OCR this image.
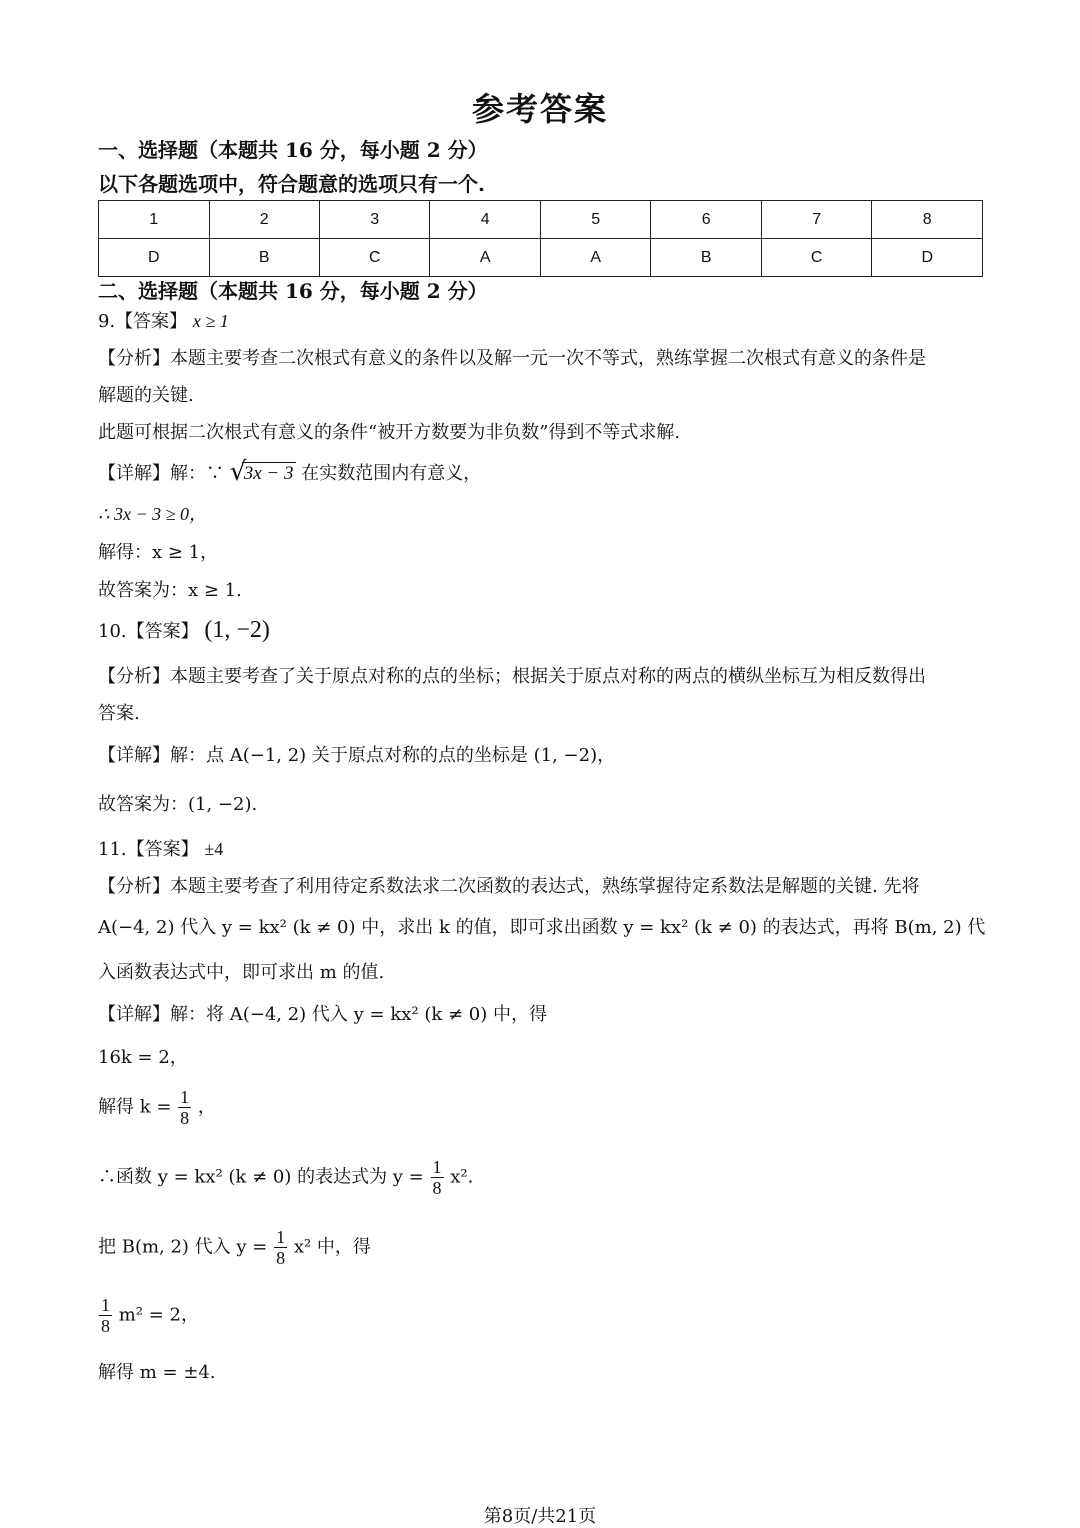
参考答案
一、选择题（本题共 16 分，每小题 2 分）
以下各题选项中，符合题意的选项只有一个.
1	2	3	4	5	6	7	8
D	B	C	A	A	B	C	D
二、选择题（本题共 16 分，每小题 2 分）
9.【答案】 x ≥ 1
【分析】本题主要考查二次根式有意义的条件以及解一元一次不等式，熟练掌握二次根式有意义的条件是
解题的关键.
此题可根据二次根式有意义的条件“被开方数要为非负数”得到不等式求解.
【详解】解：∵ √
3x − 3 在实数范围内有意义，
∴ 3x − 3 ≥ 0，
解得：x ≥ 1，
故答案为：x ≥ 1.
10.【答案】 (1, −2)
【分析】本题主要考查了关于原点对称的点的坐标；根据关于原点对称的两点的横纵坐标互为相反数得出
答案.
【详解】解：点 A(−1, 2) 关于原点对称的点的坐标是 (1, −2)，
故答案为：(1, −2).
11.【答案】 ±4
【分析】本题主要考查了利用待定系数法求二次函数的表达式，熟练掌握待定系数法是解题的关键. 先将
A(−4, 2) 代入 y = kx² (k ≠ 0) 中，求出 k 的值，即可求出函数 y = kx² (k ≠ 0) 的表达式，再将 B(m, 2) 代
入函数表达式中，即可求出 m 的值.
【详解】解：将 A(−4, 2) 代入 y = kx² (k ≠ 0) 中，得
16k = 2，
解得 $k = \frac{1}{8}$ ，
∴函数 y = kx² (k ≠ 0) 的表达式为 $y = \frac{1}{8} x^2$.
把 B(m, 2) 代入 $y = \frac{1}{8} x^2$ 中，得
$\frac{1}{8} m^2 = 2$，
解得 m = ±4.
第8页/共21页
